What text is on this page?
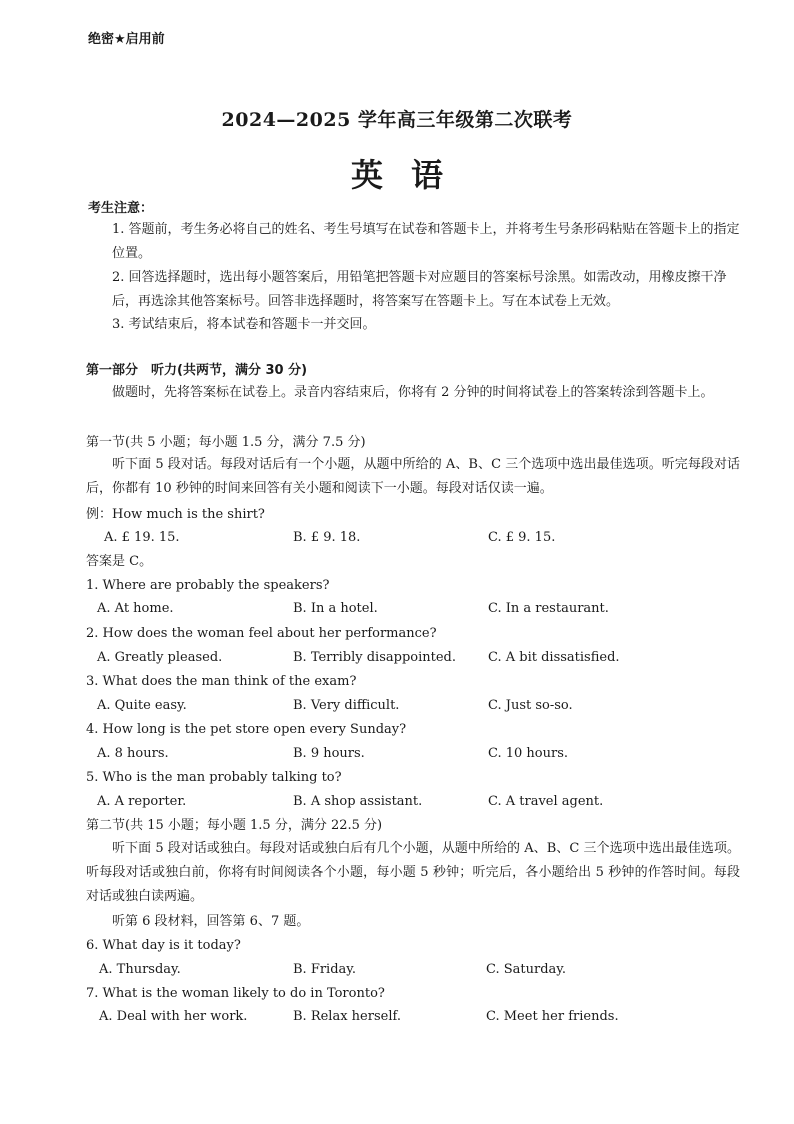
绝密★启用前
2024—2025 学年高三年级第二次联考
英语
考生注意：
1. 答题前，考生务必将自己的姓名、考生号填写在试卷和答题卡上，并将考生号条形码粘贴在答题卡上的指定位置。
2. 回答选择题时，选出每小题答案后，用铅笔把答题卡对应题目的答案标号涂黑。如需改动，用橡皮擦干净后，再选涂其他答案标号。回答非选择题时，将答案写在答题卡上。写在本试卷上无效。
3. 考试结束后，将本试卷和答题卡一并交回。
第一部分　听力(共两节，满分 30 分)
做题时，先将答案标在试卷上。录音内容结束后，你将有 2 分钟的时间将试卷上的答案转涂到答题卡上。
第一节(共 5 小题；每小题 1.5 分，满分 7.5 分)
听下面 5 段对话。每段对话后有一个小题，从题中所给的 A、B、C 三个选项中选出最佳选项。听完每段对话后，你都有 10 秒钟的时间来回答有关小题和阅读下一小题。每段对话仅读一遍。
例：How much is the shirt?
A. £ 19. 15.	B. £ 9. 18.	C. £ 9. 15.
答案是 C。
1. Where are probably the speakers?
A. At home.	B. In a hotel.	C. In a restaurant.
2. How does the woman feel about her performance?
A. Greatly pleased.	B. Terribly disappointed. C. A bit dissatisfied.
3. What does the man think of the exam?
A. Quite easy.	B. Very difficult.	C. Just so-so.
4. How long is the pet store open every Sunday?
A. 8 hours.	B. 9 hours.	C. 10 hours.
5. Who is the man probably talking to?
A. A reporter.	B. A shop assistant.	C. A travel agent.
第二节(共 15 小题；每小题 1.5 分，满分 22.5 分)
听下面 5 段对话或独白。每段对话或独白后有几个小题，从题中所给的 A、B、C 三个选项中选出最佳选项。听每段对话或独白前，你将有时间阅读各个小题，每小题 5 秒钟；听完后，各小题给出 5 秒钟的作答时间。每段对话或独白读两遍。
听第 6 段材料，回答第 6、7 题。
6. What day is it today?
A. Thursday.	B. Friday.	C. Saturday.
7. What is the woman likely to do in Toronto?
A. Deal with her work.	B. Relax herself.	C. Meet her friends.
